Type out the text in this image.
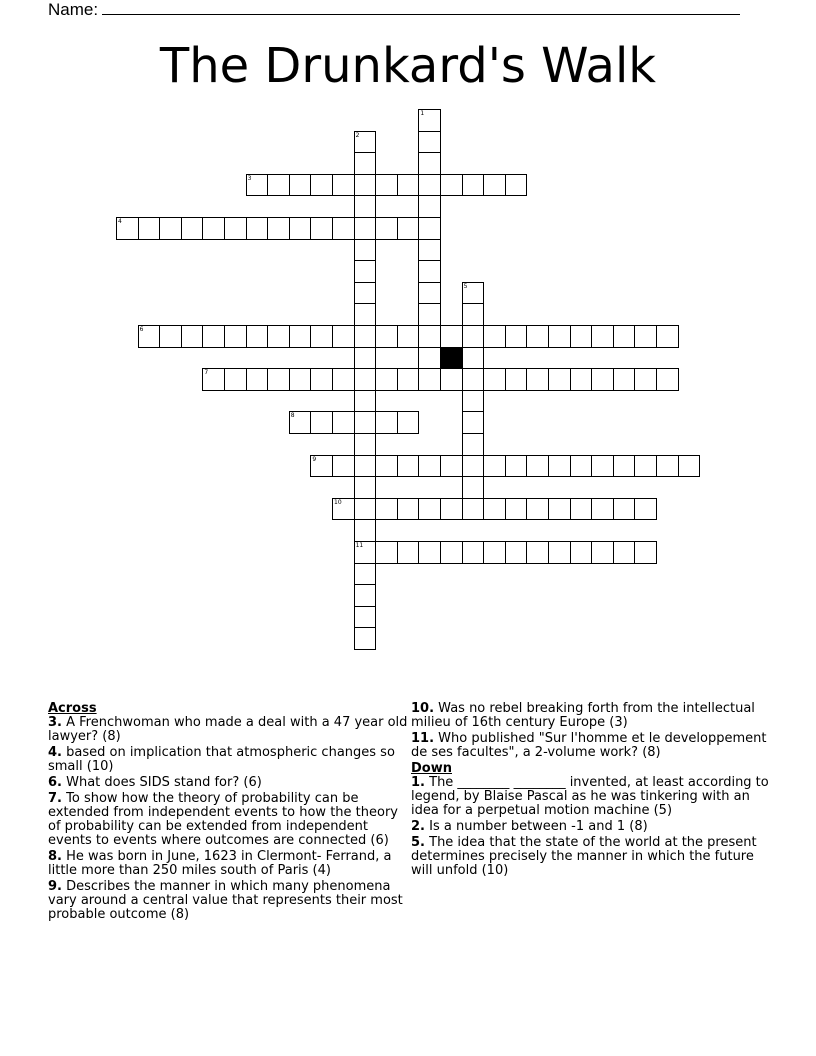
Name:
The Drunkard's Walk
1
2
11
3
4
5
6
7
8
9
10

Across

3. A Frenchwoman who made a deal with a 47 year old lawyer? (8)

4. based on implication that atmospheric changes so small (10)

6. What does SIDS stand for? (6)

7. To show how the theory of probability can be extended from independent events to how the theory of probability can be extended from independent events to events where outcomes are connected (6)

8. He was born in June, 1623 in Clermont- Ferrand, a little more than 250 miles south of Paris (4)

9. Describes the manner in which many phenomena vary around a central value that represents their most probable outcome (8)

10. Was no rebel breaking forth from the intellectual milieu of 16th century Europe (3)

11. Who published "Sur l'homme et le developpement de ses facultes", a 2-volume work? (8)

Down

1. The ________ ________ invented, at least according to legend, by Blaise Pascal as he was tinkering with an idea for a perpetual motion machine (5)

2. Is a number between -1 and 1 (8)

5. The idea that the state of the world at the present determines precisely the manner in which the future will unfold (10)
